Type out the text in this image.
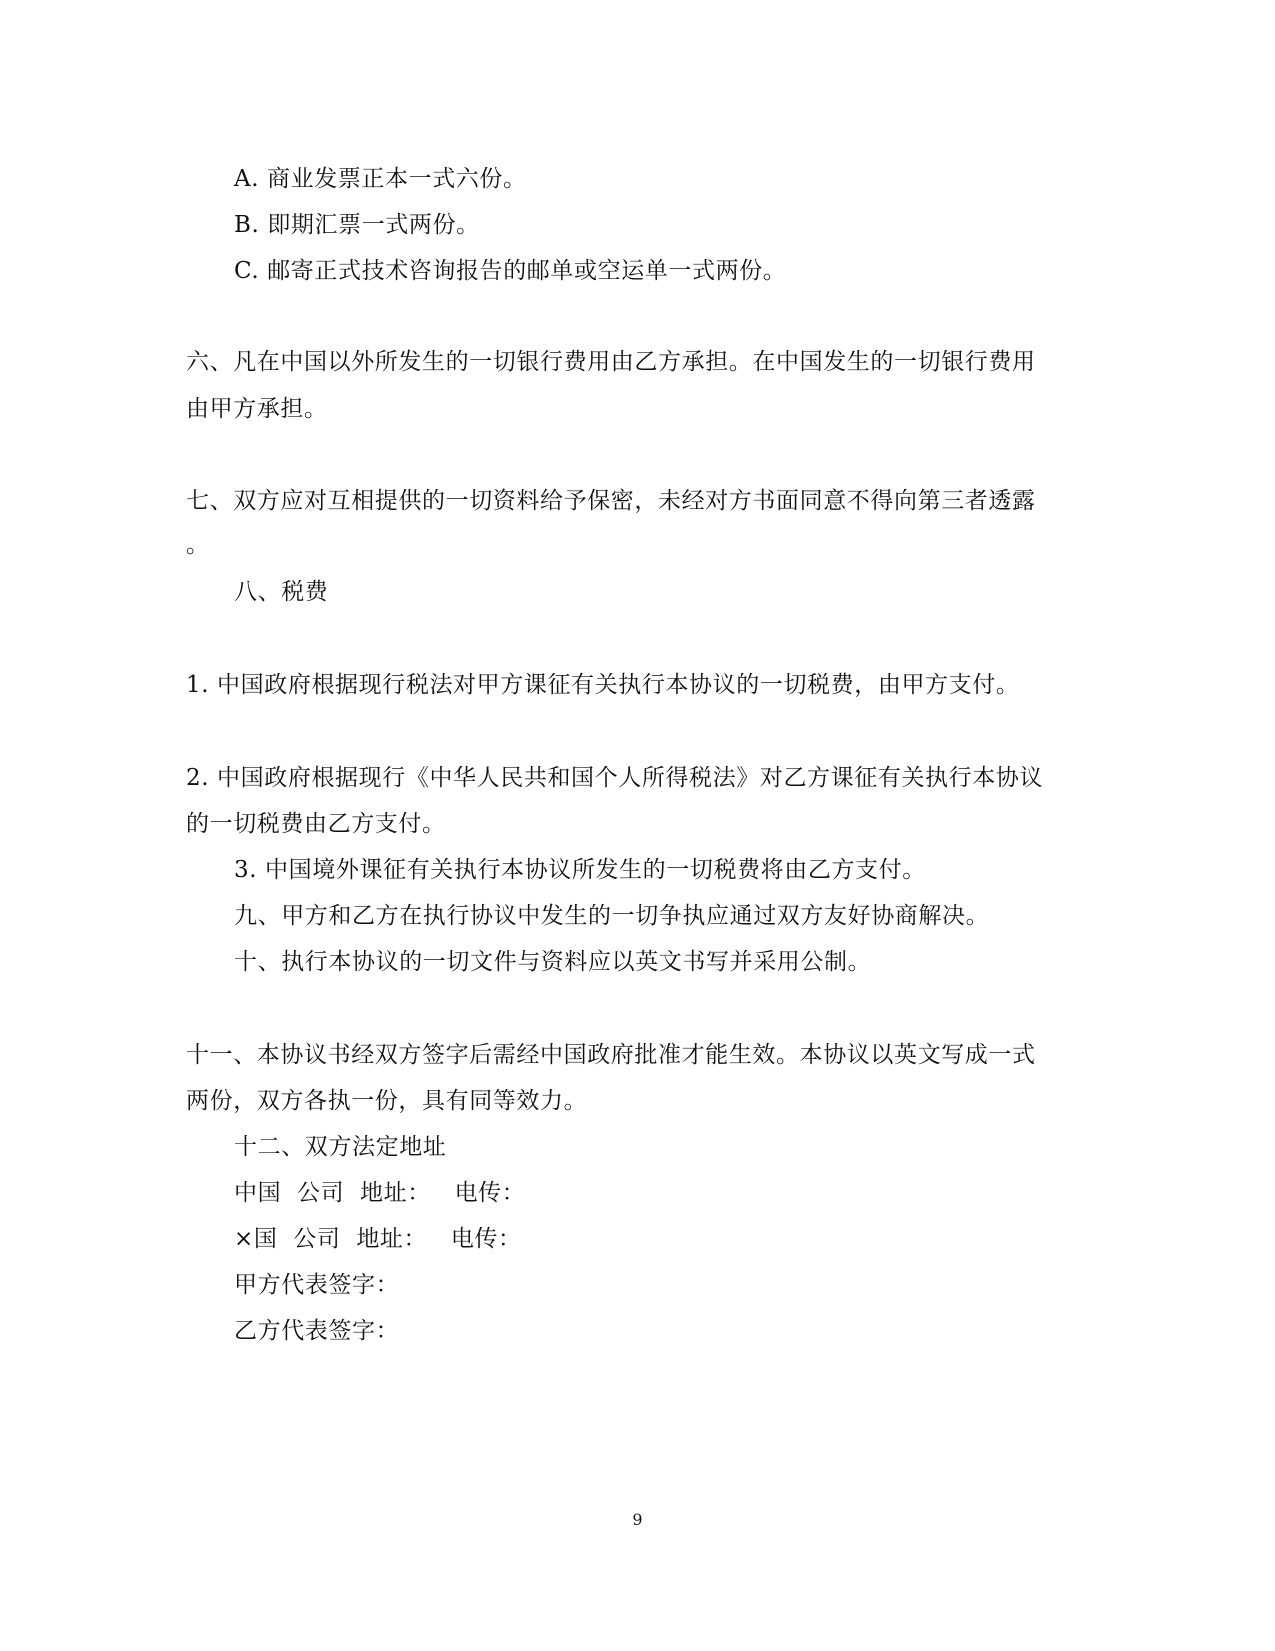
A. 商业发票正本一式六份。
B. 即期汇票一式两份。
C. 邮寄正式技术咨询报告的邮单或空运单一式两份。
六、凡在中国以外所发生的一切银行费用由乙方承担。在中国发生的一切银行费用
由甲方承担。
七、双方应对互相提供的一切资料给予保密，未经对方书面同意不得向第三者透露
。
八、税费
1. 中国政府根据现行税法对甲方课征有关执行本协议的一切税费，由甲方支付。
2. 中国政府根据现行《中华人民共和国个人所得税法》对乙方课征有关执行本协议
的一切税费由乙方支付。
3. 中国境外课征有关执行本协议所发生的一切税费将由乙方支付。
九、甲方和乙方在执行协议中发生的一切争执应通过双方友好协商解决。
十、执行本协议的一切文件与资料应以英文书写并采用公制。
十一、本协议书经双方签字后需经中国政府批准才能生效。本协议以英文写成一式
两份，双方各执一份，具有同等效力。
十二、双方法定地址
中国  公司  地址：   电传：
×国  公司  地址：   电传：
甲方代表签字：
乙方代表签字：
9
